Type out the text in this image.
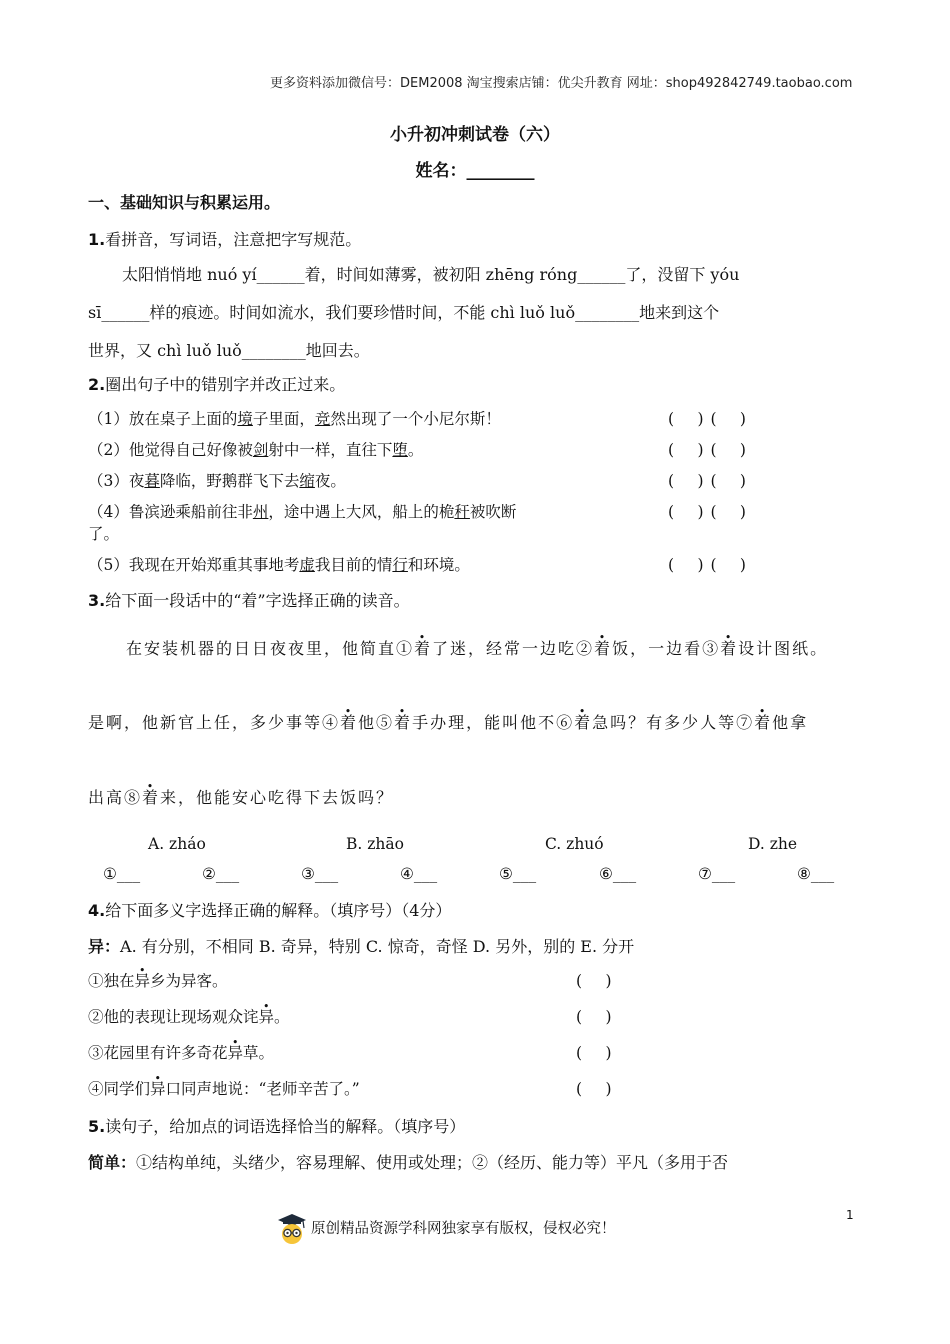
更多资料添加微信号：DEM2008 淘宝搜索店铺：优尖升教育 网址：shop492842749.taobao.com
小升初冲刺试卷（六）
姓名：________
一、基础知识与积累运用。
1.看拼音，写词语，注意把字写规范。
太阳悄悄地 nuó yí______着，时间如薄雾，被初阳 zhēng róng______了，没留下 yóu
sī______样的痕迹。时间如流水，我们要珍惜时间，不能 chì luǒ luǒ________地来到这个
世界，又 chì luǒ luǒ________地回去。
2.圈出句子中的错别字并改正过来。
（1）放在桌子上面的境子里面，竞然出现了一个小尼尔斯！	(　 ) (　 )
（2）他觉得自己好像被剑射中一样，直往下堕。	(　 ) (　 )
（3）夜暮降临，野鹅群飞下去缩夜。	(　 ) (　 )
（4）鲁滨逊乘船前往非州，途中遇上大风，船上的桅秆被吹断
了。
(　 ) (　 )
（5）我现在开始郑重其事地考虚我目前的情行和环境。	(　 ) (　 )
3.给下面一段话中的“着”字选择正确的读音。
在安装机器的日日夜夜里，他简直①着了迷，经常一边吃②着饭，一边看③着设计图纸。
是啊，他新官上任，多少事等④着他⑤着手办理，能叫他不⑥着急吗？有多少人等⑦着他拿
出高⑧着来，他能安心吃得下去饭吗？
A. zháo	B. zhāo	C. zhuó	D. zhe
①___	②___	③___	④___	⑤___	⑥___	⑦___	⑧___
4.给下面多义字选择正确的解释。（填序号）（4分）
异：A. 有分别，不相同 B. 奇异，特别 C. 惊奇，奇怪 D. 另外，别的 E. 分开
①独在异乡为异客。	(　 )
②他的表现让现场观众诧异。	(　 )
③花园里有许多奇花异草。	(　 )
④同学们异口同声地说：“老师辛苦了。”	(　 )
5.读句子，给加点的词语选择恰当的解释。（填序号）
简单：①结构单纯，头绪少，容易理解、使用或处理；②（经历、能力等）平凡（多用于否
原创精品资源学科网独家享有版权，侵权必究！
1
